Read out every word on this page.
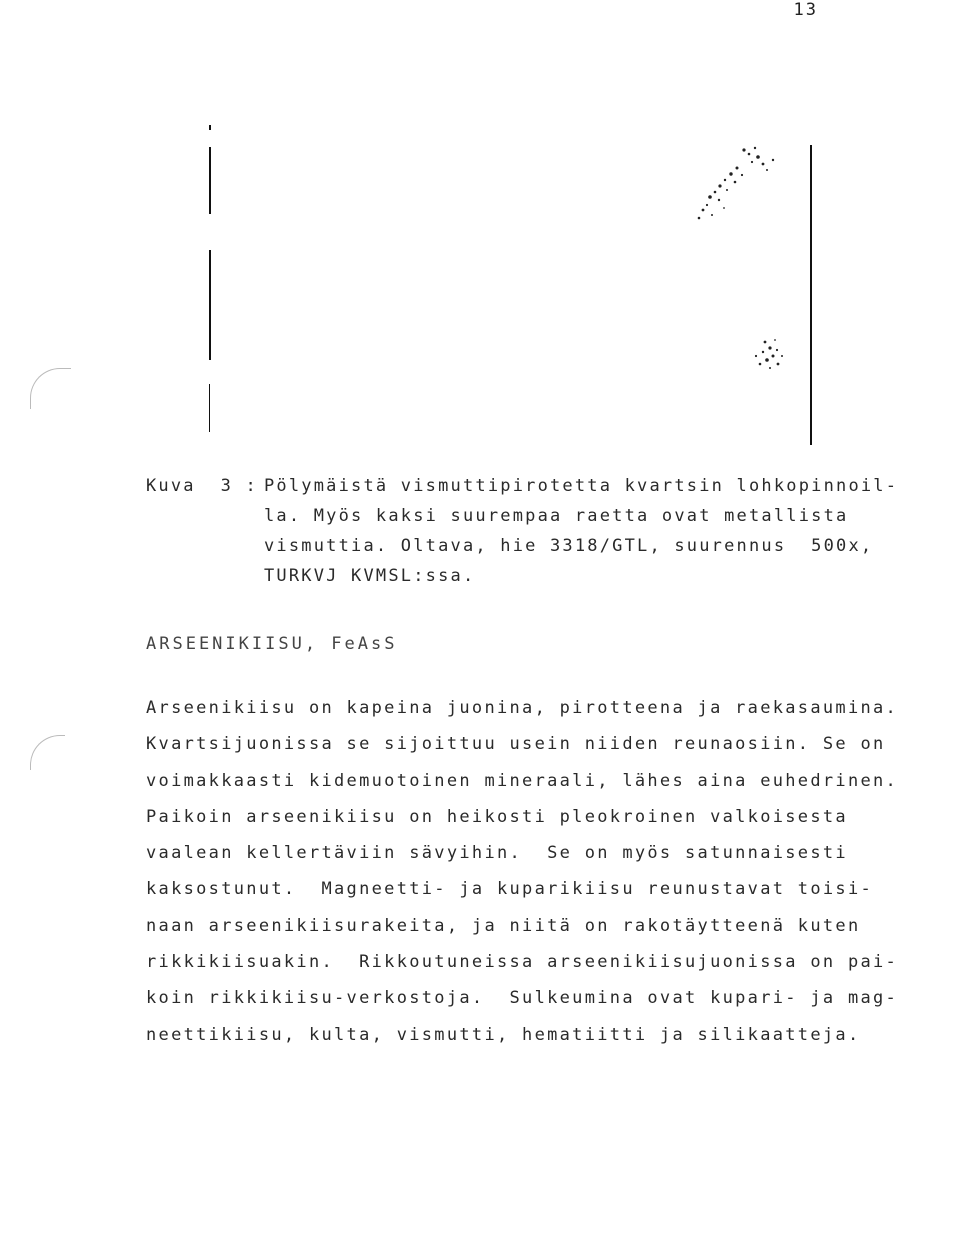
13
Kuva  3 : Pölymäistä vismuttipirotetta kvartsin lohkopinnoil-
la. Myös kaksi suurempaa raetta ovat metallista
vismuttia. Oltava, hie 3318/GTL, suurennus  500x,
TURKVJ KVMSL:ssa.
ARSEENIKIISU, FeAsS
Arseenikiisu on kapeina juonina, pirotteena ja raekasaumina.
Kvartsijuonissa se sijoittuu usein niiden reunaosiin. Se on
voimakkaasti kidemuotoinen mineraali, lähes aina euhedrinen.
Paikoin arseenikiisu on heikosti pleokroinen valkoisesta
vaalean kellertäviin sävyihin.  Se on myös satunnaisesti
kaksostunut.  Magneetti- ja kuparikiisu reunustavat toisi-
naan arseenikiisurakeita, ja niitä on rakotäytteenä kuten
rikkikiisuakin.  Rikkoutuneissa arseenikiisujuonissa on pai-
koin rikkikiisu-verkostoja.  Sulkeumina ovat kupari- ja mag-
neettikiisu, kulta, vismutti, hematiitti ja silikaatteja.
